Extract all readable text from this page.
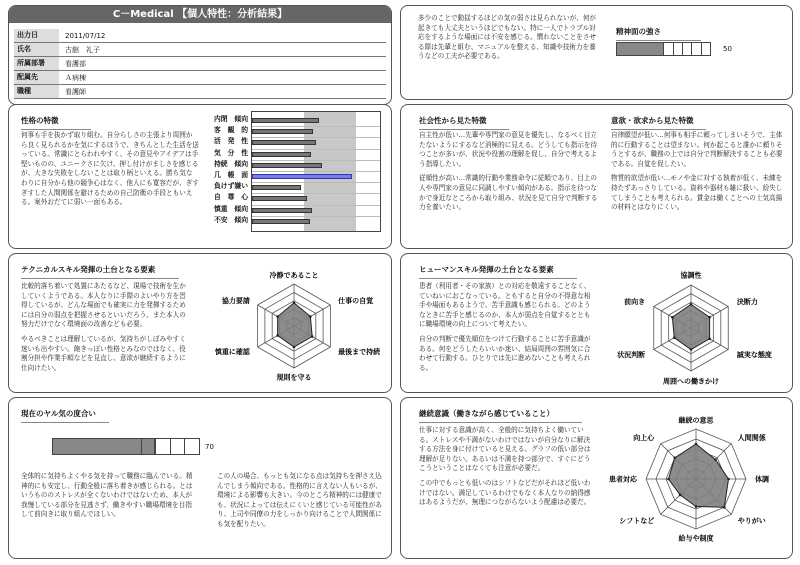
C－Medical 【個人特性：分析結果】
出力日	2011/07/12
氏名	古舘　礼子
所属部署	看護部
配属先	Ａ病棟
職種	看護師
多少のことで動揺するほどの気の弱さは見られないが、何が起きても大丈夫というほどでもない。特に一人でトラブル対応をするような場面には不安を感じる。慣れないことをさせる際は先輩と組む、マニュアルを整える、知識や技術力を養うなどの工夫が必要である。
精神面の強さ
50
性格の特徴
何事も手を抜かず取り組む。自分らしさの主張より周囲から良く見られるかを気にするほうで、きちんとした生活を送っている。常識にとらわれやすく、その意見やアイデアは手堅いものの、ユニークさに欠け、押し付けがましさを感じるが、大きな失敗をしないことは取り柄といえる。勝ち気なわりに自分から他の競争心はなく、他人にも寛容だが、ぎすぎすした人間関係を避けるための自己防衛の手段ともいえる。案外おだてに弱い一面もある。
内閉　傾向
客　観　的
活　発　性
気　分　性
持続　傾向
几　帳　面
負けず嫌い
自　尊　心
慎重　傾向
不安　傾向
社会性から見た特徴

自主性が低い…先輩や専門家の意見を優先し、なるべく目立たないようにするなど消極的に見える。どうしても指示を待つことが多いが、状況や役割の理解を促し、自分で考えるよう指導したい。

従順性が高い…常識的行動や業務命令に従順であり、目上の人や専門家の意見に同調しやすい傾向がある。指示を待つなかで身近なところから取り組み、状況を見て自分で判断する力を養いたい。

意欲・欲求から見た特徴

自律願望が低い…何事も相手に頼ってしまいそうで、主体的に行動することは望まない。何か起こると誰かに頼りそうとするが、職務の上では自分で判断解決することも必要である。自覚を促したい。

物質的欲望が低い…モノや金に対する執着が低く、未練を持たずあっさりしている。資料や器材も雑に扱い、紛失してしまうことも考えられる。賞金は働くことへの士気高揚の材料とはなりにくい。

テクニカルスキル発揮の土台となる要素

比較的落ち着いて処置にあたるなど、現場で技術を生かしていくようである。本人なりに手際のよいやり方を習得しているが、どんな場面でも確実に力を発揮するためには自分の弱点を把握させるといいだろう。また本人の努力だけでなく環境面の改善なども必要。

やるべきことは理解しているが、気持ちがしぼみやすく迷いも出やすい。飽きっぽい性格とみなのではなく、役割分担や作業手順などを見直し、意欲が継続するように仕向けたい。

冷静であること
仕事の自覚
最後まで持続
規則を守る
慎重に確認
協力要請
ヒューマンスキル発揮の土台となる要素

患者（利用者・その家族）との対応を敬遠することなく、ていねいにおこなっている。ともすると自分の不得意な相手や場面もあるようで、苦手意識も感じられる。どのようなときに苦手と感じるのか、本人が弱点を自覚するとともに職場環境の向上について考えたい。

自分の判断で優先順位をつけて行動することに苦手意識がある。何をどうしたらいいか迷い、結局周囲の雰囲気に合わせて行動する。ひとりでは先に進めないことも考えられる。

協調性
決断力
誠実な態度
周囲への働きかけ
状況判断
前向き
現在のヤル気の度合い
70
全体的に気持ちよくやる気を持って職務に臨んでいる。精神的にも安定し、行動全般に落ち着きが感じられる。とはいうもののストレスが全くないわけではないため、本人が我慢している部分を見逃さず、働きやすい職場環境を目指して前向きに取り組んでほしい。
この人の場合、もっとも気になる点は気持ちを押さえ込んでしまう傾向である。性格的に言えない人もいるが、環境による影響も大きい。今のところ精神的には健康でも、状況によっては伝えにくいと感じている可能性があり、上司や同僚の力をしっかり向けることで人間関係にも気を配りたい。
継続意識（働きながら感じていること）

仕事に対する意識が高く、全般的に気持ちよく働いている。ストレスや不満がないわけではないが自分なりに解決する方法を身に付けていると見える。グラフの低い部分は理解が足りない。あるいは不満を持つ部分で、すぐにどうこうということはなくても注意が必要だ。

この中でもっとも低いのはシフトなどだがそれほど低いわけではない。満足しているわけでもなく本人なりの納得感はあるようだが、無理につながらないよう配慮は必要だ。

継続の意思
人間関係
体調
やりがい
給与や制度
シフトなど
患者対応
向上心
